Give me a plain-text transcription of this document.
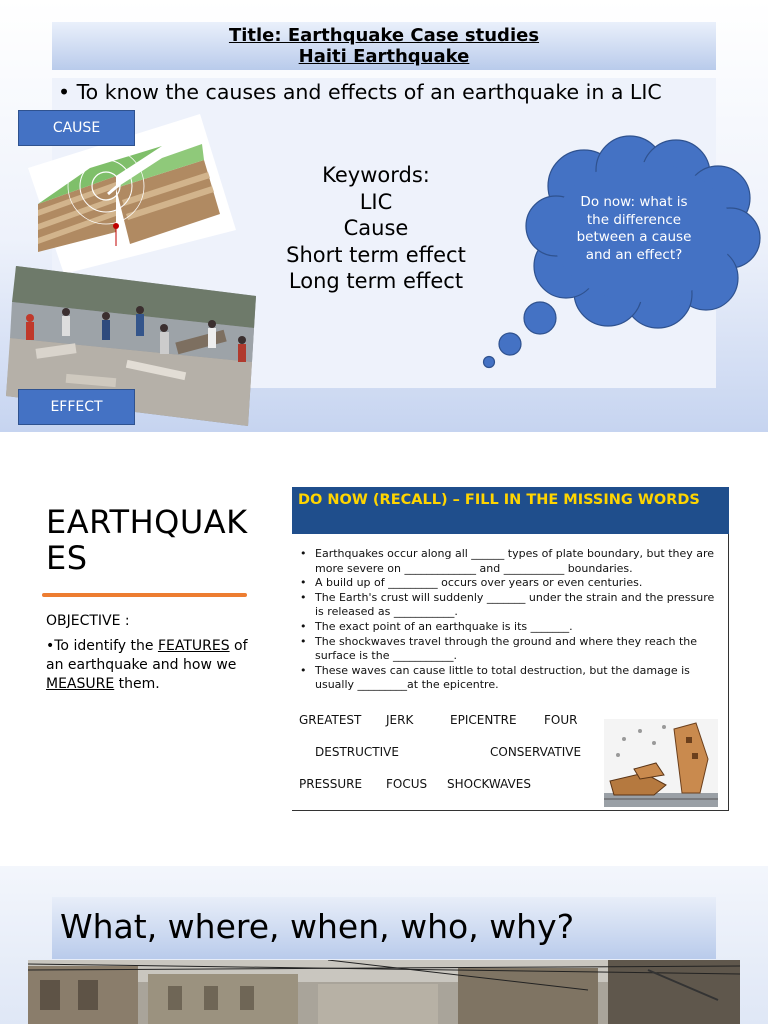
Title: Earthquake Case studies
Haiti Earthquake
• To know the causes and effects of an earthquake in a LIC
CAUSE
EFFECT
Keywords:
LIC
Cause
Short term effect
Long term effect
Do now: what is the difference between a cause and an effect?
EARTHQUAKES
OBJECTIVE :
•To identify the FEATURES of an earthquake and how we MEASURE them.
DO NOW (RECALL) – FILL IN THE MISSING WORDS
• Earthquakes occur along all ______ types of plate boundary, but they are more severe on _____________ and ___________ boundaries.
• A build up of _________ occurs over years or even centuries.
• The Earth's crust will suddenly _______ under the strain and the pressure is released as ___________.
• The exact point of an earthquake is its _______.
• The shockwaves travel through the ground and where they reach the surface is the ___________.
• These waves can cause little to total destruction, but the damage is usually _________at the epicentre.
GREATEST JERK	EPICENTRE FOUR
DESTRUCTIVE	CONSERVATIVE
PRESSURE FOCUS SHOCKWAVES
What, where, when, who, why?
